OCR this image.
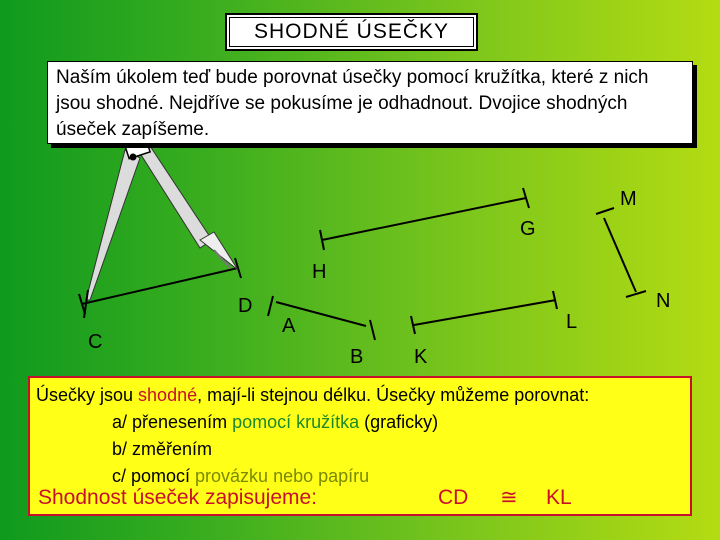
C
D
G
H
M
N
A
B	K
L
SHODNÉ ÚSEČKY
Naším úkolem teď bude porovnat úsečky pomocí kružítka, které z nich jsou shodné. Nejdříve se pokusíme je odhadnout. Dvojice shodných úseček zapíšeme.
Úsečky jsou shodné, mají-li stejnou délku. Úsečky můžeme porovnat:
a/ přenesením pomocí kružítka (graficky)
b/ změřením
c/ pomocí provázku nebo papíru
Shodnost úseček zapisujeme:	CD ≅ KL
